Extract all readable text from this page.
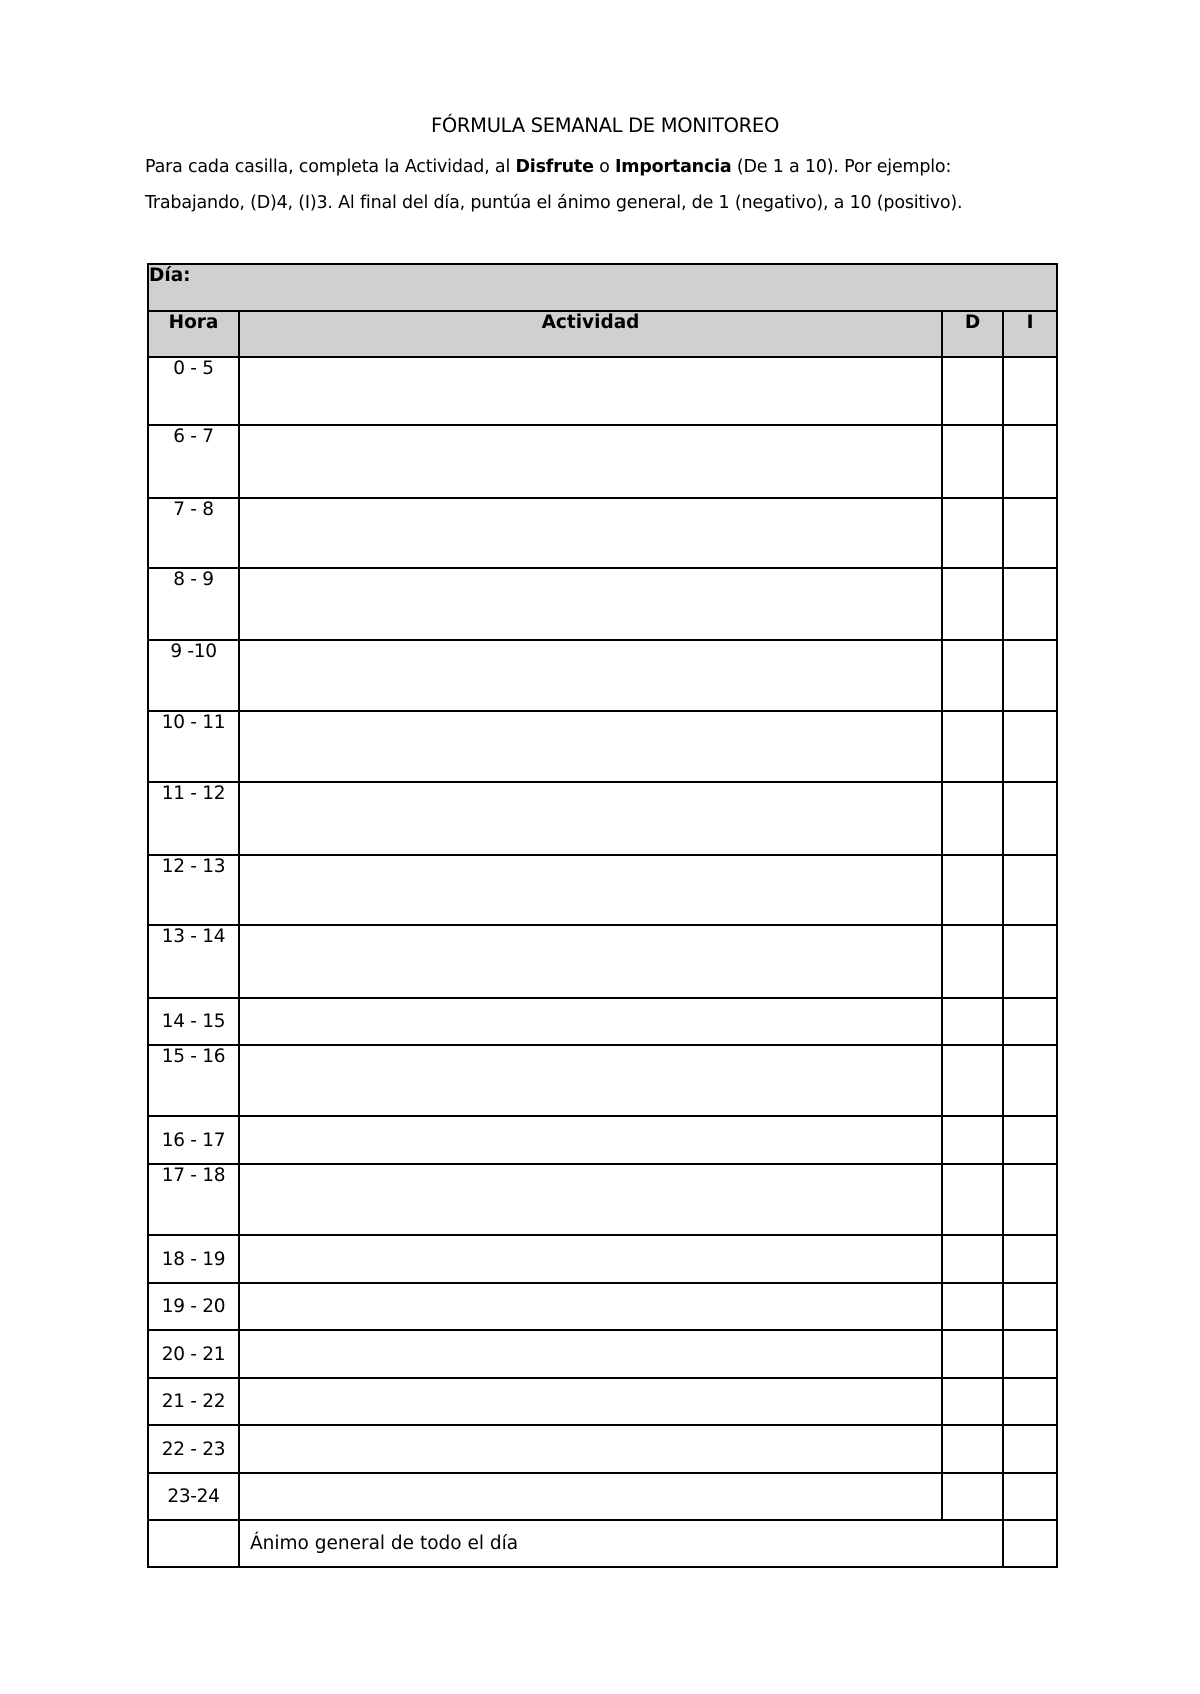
FÓRMULA SEMANAL DE MONITOREO
Para cada casilla, completa la Actividad, al Disfrute o Importancia (De 1 a 10). Por ejemplo:
Trabajando, (D)4, (I)3. Al final del día, puntúa el ánimo general, de 1 (negativo), a 10 (positivo).
Día:			
Hora	Actividad	D	I
0 - 5			
6 - 7			
7 - 8			
8 - 9			
9 -10			
10 - 11			
11 - 12			
12 - 13			
13 - 14			
14 - 15			
15 - 16			
16 - 17			
17 - 18			
18 - 19			
19 - 20			
20 - 21			
21 - 22			
22 - 23			
23-24			
	Ánimo general de todo el día		
